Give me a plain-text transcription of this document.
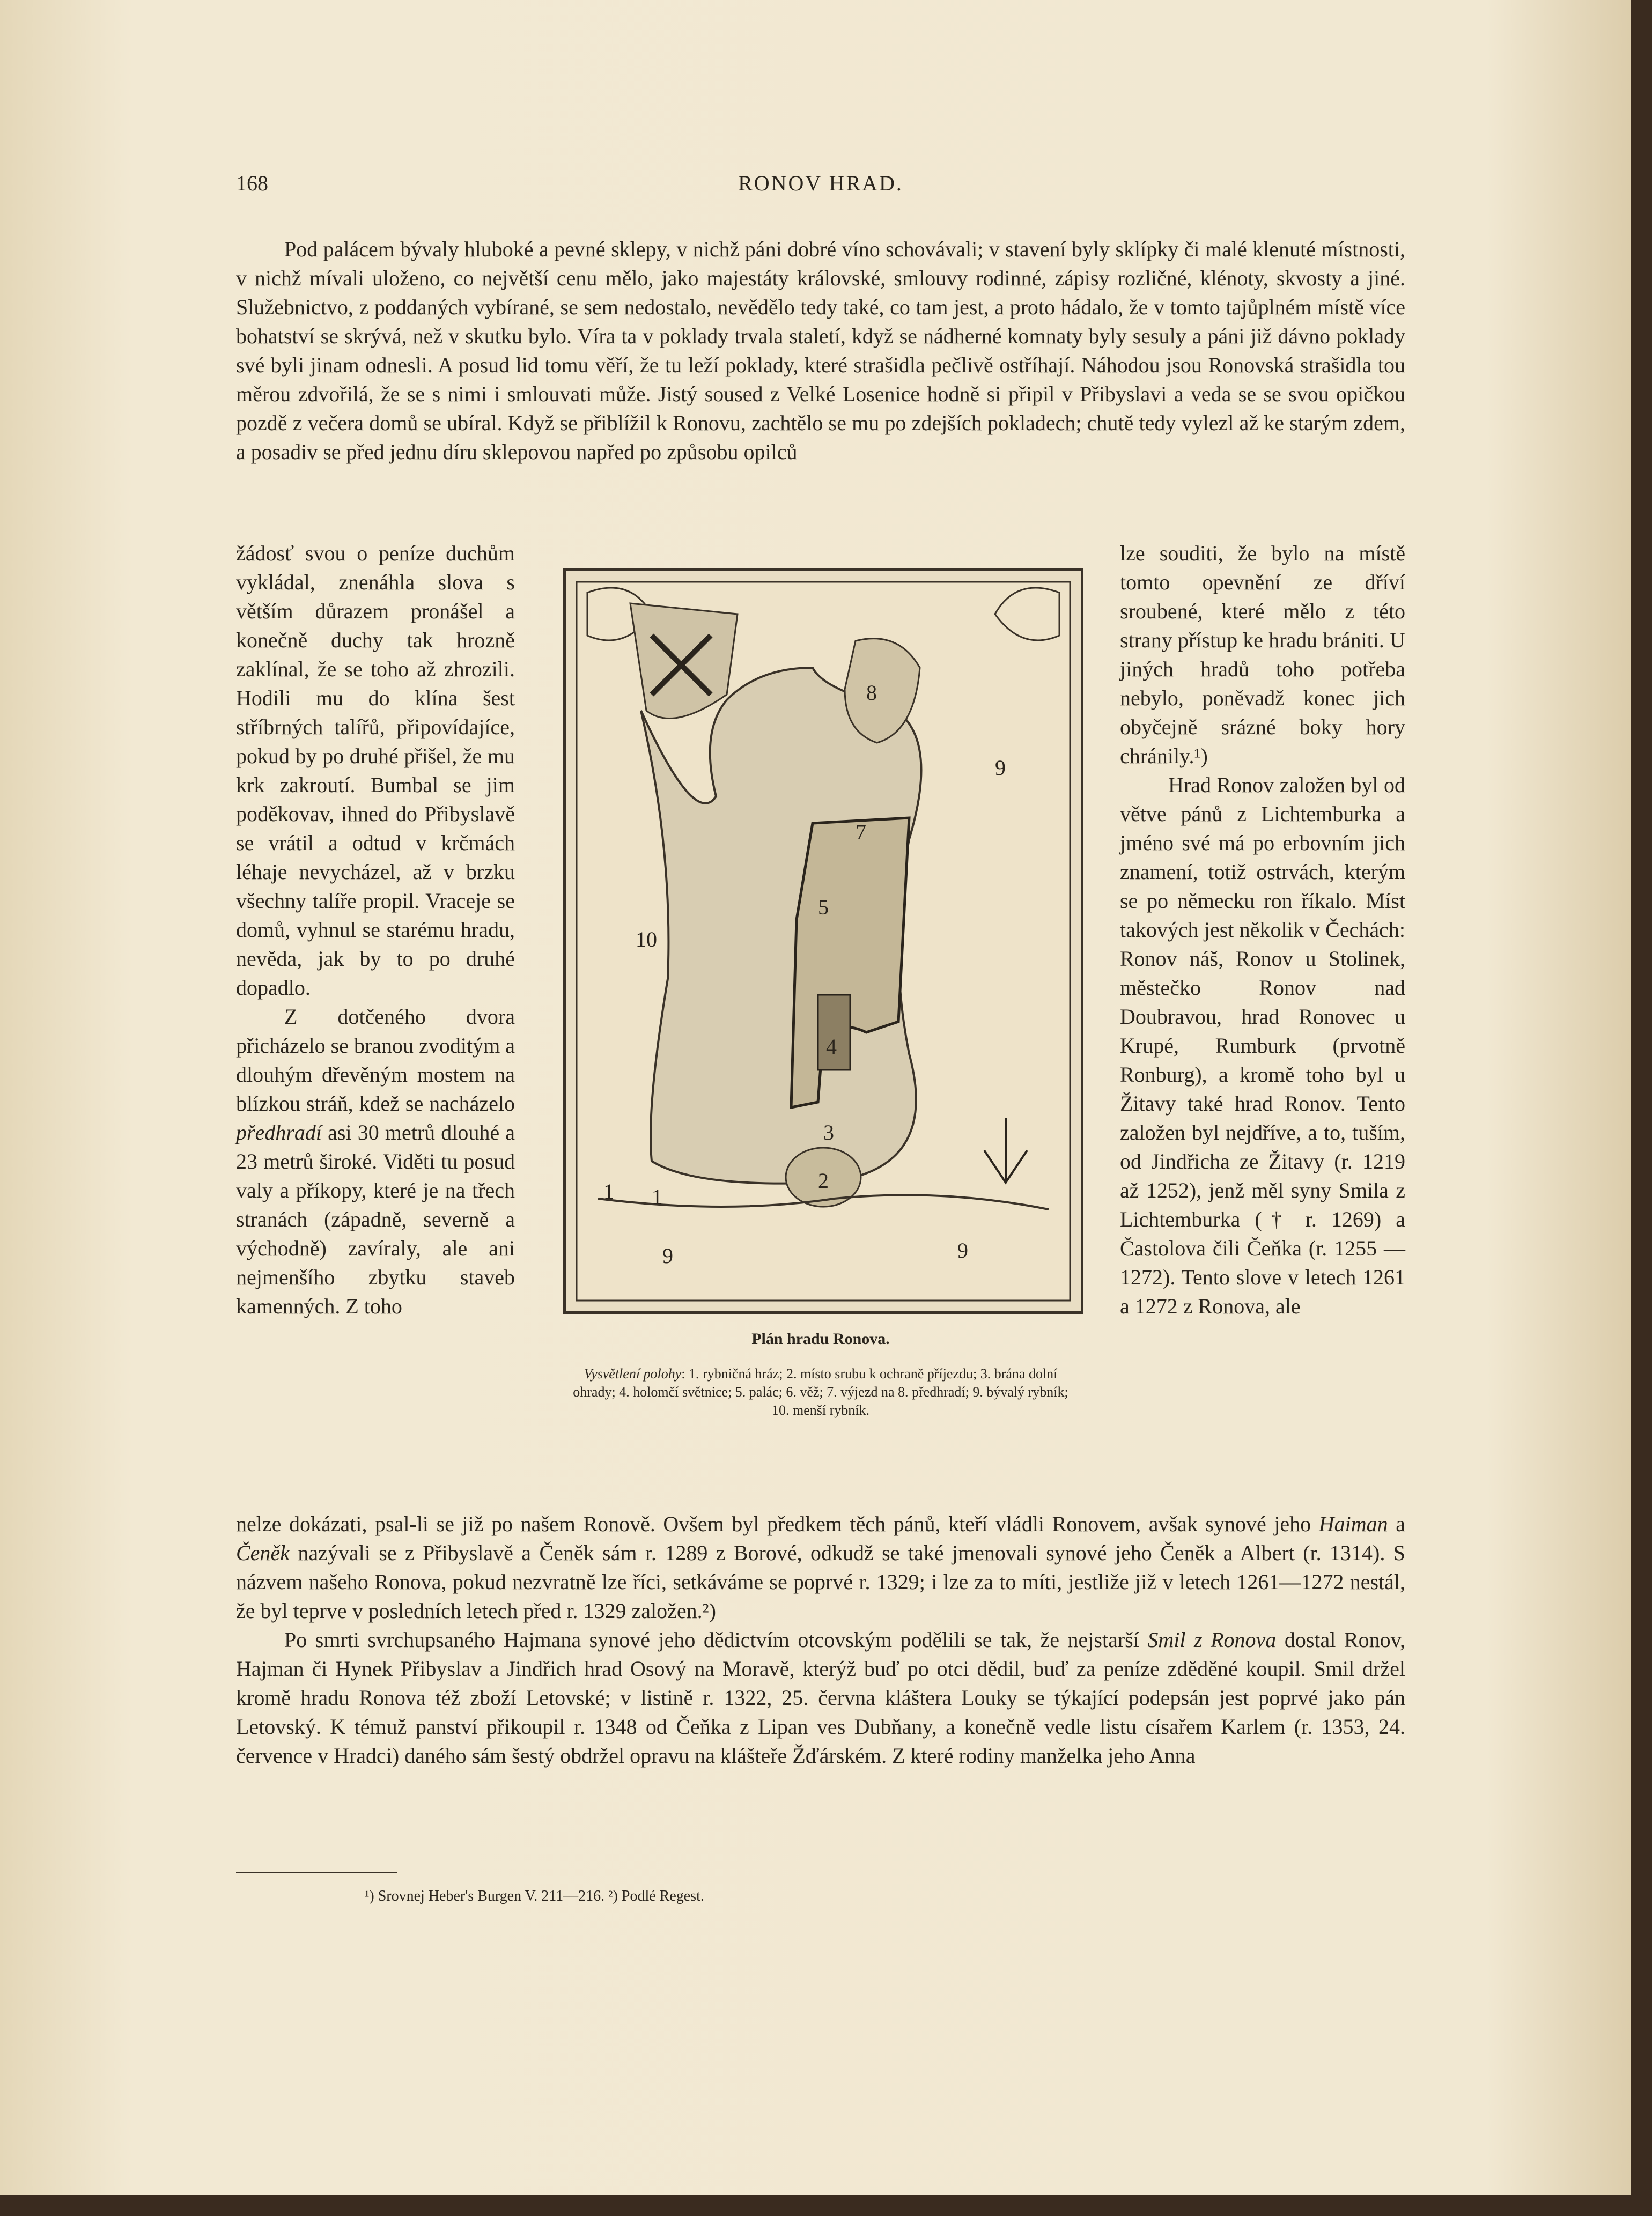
168	RONOV HRAD.

Pod palácem bývaly hluboké a pevné sklepy, v nichž páni dobré víno schovávali; v stavení byly sklípky či malé klenuté místnosti, v nichž mívali uloženo, co největší cenu mělo, jako majestáty královské, smlouvy rodinné, zápisy rozličné, klénoty, skvosty a jiné. Služebnictvo, z poddaných vybírané, se sem nedostalo, nevědělo tedy také, co tam jest, a proto hádalo, že v tomto tajůplném místě více bohatství se skrývá, než v skutku bylo. Víra ta v poklady trvala staletí, když se nádherné komnaty byly sesuly a páni již dávno poklady své byli jinam odnesli. A posud lid tomu věří, že tu leží poklady, které strašidla pečlivě ostříhají. Náhodou jsou Ronovská strašidla tou měrou zdvořilá, že se s nimi i smlouvati může. Jistý soused z Velké Losenice hodně si připil v Přibyslavi a veda se se svou opičkou pozdě z večera domů se ubíral. Když se přiblížil k Ronovu, zachtělo se mu po zdejších pokladech; chutě tedy vylezl až ke starým zdem, a posadiv se před jednu díru sklepovou napřed po způsobu opilců

žádosť svou o peníze duchům vykládal, znenáhla slova s větším důrazem pronášel a konečně duchy tak hrozně zaklínal, že se toho až zhrozili. Hodili mu do klína šest stříbrných talířů, připovídajíce, pokud by po druhé přišel, že mu krk zakroutí. Bumbal se jim poděkovav, ihned do Přibyslavě se vrátil a odtud v krčmách léhaje nevycházel, až v brzku všechny talíře propil. Vraceje se domů, vyhnul se starému hradu, nevěda, jak by to po druhé dopadlo.

Z dotčeného dvora přicházelo se branou zvoditým a dlouhým dřevěným mostem na blízkou stráň, kdež se nacházelo předhradí asi 30 metrů dlouhé a 23 metrů široké. Viděti tu posud valy a příkopy, které je na třech stranách (západně, severně a východně) zavíraly, ale ani nejmenšího zbytku staveb kamenných. Z toho

lze souditi, že bylo na místě tomto opevnění ze dříví sroubené, které mělo z této strany přístup ke hradu brániti. U jiných hradů toho potřeba nebylo, poněvadž konec jich obyčejně srázné boky hory chránily.¹)

Hrad Ronov založen byl od větve pánů z Lichtemburka a jméno své má po erbovním jich znamení, totiž ostrvách, kterým se po německu ron říkalo. Míst takových jest několik v Čechách: Ronov náš, Ronov u Stolinek, městečko Ronov nad Doubravou, hrad Ronovec u Krupé, Rumburk (prvotně Ronburg), a kromě toho byl u Žitavy také hrad Ronov. Tento založen byl nejdříve, a to, tuším, od Jindřicha ze Žitavy (r. 1219 až 1252), jenž měl syny Smila z Lichtemburka († r. 1269) a Častolova čili Čeňka (r. 1255 — 1272). Tento slove v letech 1261 a 1272 z Ronova, ale

1 1
2
3
4
5
7
8
9
9	9
10
Plán hradu Ronova.
Vysvětlení polohy: 1. rybničná hráz; 2. místo srubu k ochraně příjezdu; 3. brána dolní ohrady; 4. holomčí světnice; 5. palác; 6. věž; 7. výjezd na 8. předhradí; 9. bývalý rybník; 10. menší rybník.

nelze dokázati, psal-li se již po našem Ronově. Ovšem byl předkem těch pánů, kteří vládli Ronovem, avšak synové jeho Haiman a Čeněk nazývali se z Přibyslavě a Čeněk sám r. 1289 z Borové, odkudž se také jmenovali synové jeho Čeněk a Albert (r. 1314). S názvem našeho Ronova, pokud nezvratně lze říci, setkáváme se poprvé r. 1329; i lze za to míti, jestliže již v letech 1261—1272 nestál, že byl teprve v posledních letech před r. 1329 založen.²)

Po smrti svrchupsaného Hajmana synové jeho dědictvím otcovským podělili se tak, že nejstarší Smil z Ronova dostal Ronov, Hajman či Hynek Přibyslav a Jindřich hrad Osový na Moravě, kterýž buď po otci dědil, buď za peníze zděděné koupil. Smil držel kromě hradu Ronova též zboží Letovské; v listině r. 1322, 25. června kláštera Louky se týkající podepsán jest poprvé jako pán Letovský. K témuž panství přikoupil r. 1348 od Čeňka z Lipan ves Dubňany, a konečně vedle listu císařem Karlem (r. 1353, 24. července v Hradci) daného sám šestý obdržel opravu na klášteře Žďárském. Z které rodiny manželka jeho Anna

¹) Srovnej Heber's Burgen V. 211—216. ²) Podlé Regest.
